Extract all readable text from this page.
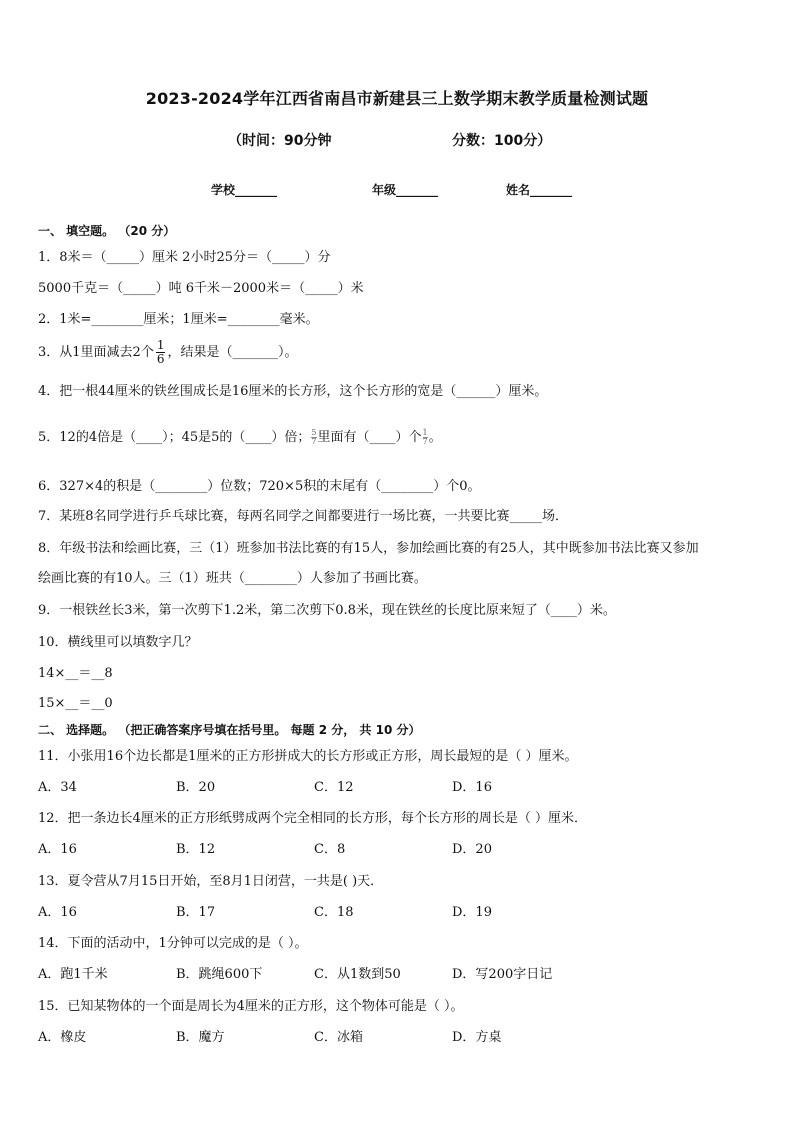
2023-2024学年江西省南昌市新建县三上数学期末教学质量检测试题
（时间：90分钟	分数：100分）
学校_______	年级_______	姓名_______
一、 填空题。 （20 分）
1．8米＝（_____）厘米 2小时25分＝（_____）分
5000千克＝（_____）吨 6千米－2000米＝（_____）米
2．1米=________厘米；1厘米=________毫米。
3．从1里面减去2个 $\frac{1}{6}$ ，结果是（_______）。
4．把一根44厘米的铁丝围成长是16厘米的长方形，这个长方形的宽是（______）厘米。
5．12的4倍是（____）；45是5的（____）倍； $\frac{5}{7}$ 里面有（____）个 $\frac{1}{7}$ 。
6．327×4的积是（________）位数；720×5积的末尾有（________）个0。
7．某班8名同学进行乒乓球比赛，每两名同学之间都要进行一场比赛，一共要比赛_____场．
8．年级书法和绘画比赛，三（1）班参加书法比赛的有15人，参加绘画比赛的有25人，其中既参加书法比赛又参加
绘画比赛的有10人。三（1）班共（________）人参加了书画比赛。
9．一根铁丝长3米，第一次剪下1.2米，第二次剪下0.8米，现在铁丝的长度比原来短了（____）米。
10．横线里可以填数字几？
14×__＝__8
15×__＝__0
二、 选择题。 （把正确答案序号填在括号里。 每题 2 分， 共 10 分）
11．小张用16个边长都是1厘米的正方形拼成大的长方形或正方形，周长最短的是（ ）厘米。
A．34	B．20	C．12	D．16
12．把一条边长4厘米的正方形纸劈成两个完全相同的长方形，每个长方形的周长是（ ）厘米．
A．16	B．12	C．8	D．20
13．夏令营从7月15日开始，至8月1日闭营，一共是( )天．
A．16	B．17	C．18	D．19
14．下面的活动中，1分钟可以完成的是（ ）。
A．跑1千米	B．跳绳600下	C．从1数到50	D．写200字日记
15．已知某物体的一个面是周长为4厘米的正方形，这个物体可能是（ ）。
A．橡皮	B．魔方	C．冰箱	D．方桌
